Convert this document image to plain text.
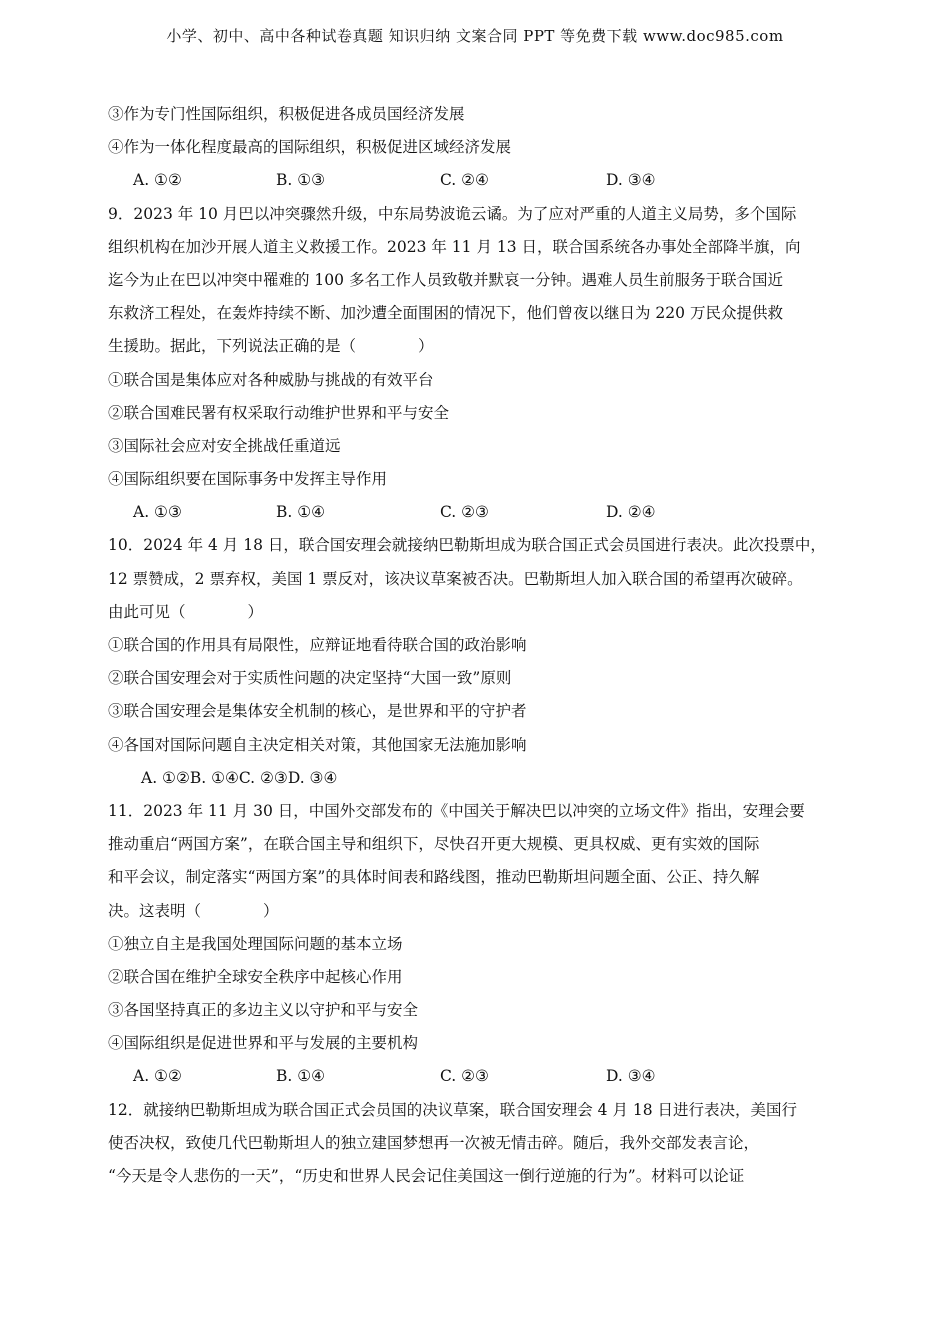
小学、初中、高中各种试卷真题 知识归纳 文案合同 PPT 等免费下载 www.doc985.com
③作为专门性国际组织，积极促进各成员国经济发展
④作为一体化程度最高的国际组织，积极促进区域经济发展
A. ①②	B. ①③	C. ②④	D. ③④
9．2023 年 10 月巴以冲突骤然升级，中东局势波诡云谲。为了应对严重的人道主义局势，多个国际
组织机构在加沙开展人道主义救援工作。2023 年 11 月 13 日，联合国系统各办事处全部降半旗，向
迄今为止在巴以冲突中罹难的 100 多名工作人员致敬并默哀一分钟。遇难人员生前服务于联合国近
东救济工程处，在轰炸持续不断、加沙遭全面围困的情况下，他们曾夜以继日为 220 万民众提供救
生援助。据此，下列说法正确的是（　　　　）
①联合国是集体应对各种威胁与挑战的有效平台
②联合国难民署有权采取行动维护世界和平与安全
③国际社会应对安全挑战任重道远
④国际组织要在国际事务中发挥主导作用
A. ①③	B. ①④	C. ②③	D. ②④
10．2024 年 4 月 18 日，联合国安理会就接纳巴勒斯坦成为联合国正式会员国进行表决。此次投票中，
12 票赞成，2 票弃权，美国 1 票反对，该决议草案被否决。巴勒斯坦人加入联合国的希望再次破碎。
由此可见（　　　　）
①联合国的作用具有局限性，应辩证地看待联合国的政治影响
②联合国安理会对于实质性问题的决定坚持“大国一致”原则
③联合国安理会是集体安全机制的核心，是世界和平的守护者
④各国对国际问题自主决定相关对策，其他国家无法施加影响
A. ①②B. ①④C. ②③D. ③④
11．2023 年 11 月 30 日，中国外交部发布的《中国关于解决巴以冲突的立场文件》指出，安理会要
推动重启“两国方案”，在联合国主导和组织下，尽快召开更大规模、更具权威、更有实效的国际
和平会议，制定落实“两国方案”的具体时间表和路线图，推动巴勒斯坦问题全面、公正、持久解
决。这表明（　　　　）
①独立自主是我国处理国际问题的基本立场
②联合国在维护全球安全秩序中起核心作用
③各国坚持真正的多边主义以守护和平与安全
④国际组织是促进世界和平与发展的主要机构
A. ①②	B. ①④	C. ②③	D. ③④
12．就接纳巴勒斯坦成为联合国正式会员国的决议草案，联合国安理会 4 月 18 日进行表决，美国行
使否决权，致使几代巴勒斯坦人的独立建国梦想再一次被无情击碎。随后，我外交部发表言论，
“今天是令人悲伤的一天”，“历史和世界人民会记住美国这一倒行逆施的行为”。材料可以论证
